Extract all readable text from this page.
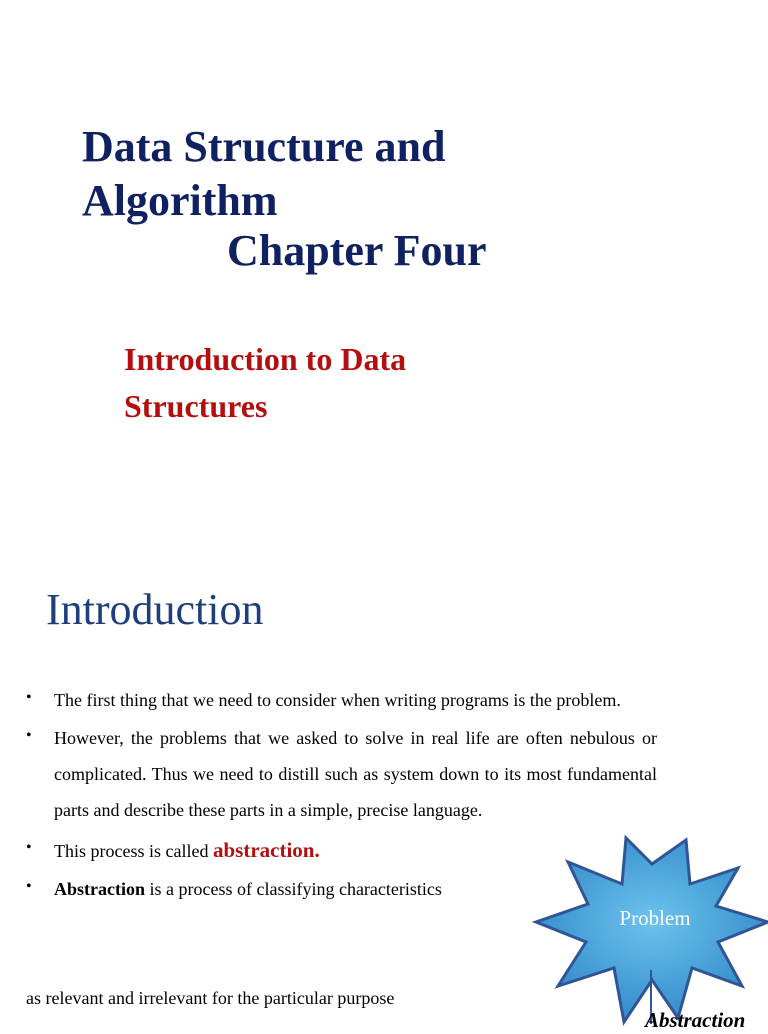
Data Structure and Algorithm
Chapter Four
Introduction to Data Structures
Introduction
• The first thing that we need to consider when writing programs is the problem.
• However, the problems that we asked to solve in real life are often nebulous or complicated. Thus we need to distill such as system down to its most fundamental parts and describe these parts in a simple, precise language.
• This process is called abstraction.
• Abstraction is a process of classifying characteristics

as relevant and irrelevant for the particular purpose

Problem

Abstraction
